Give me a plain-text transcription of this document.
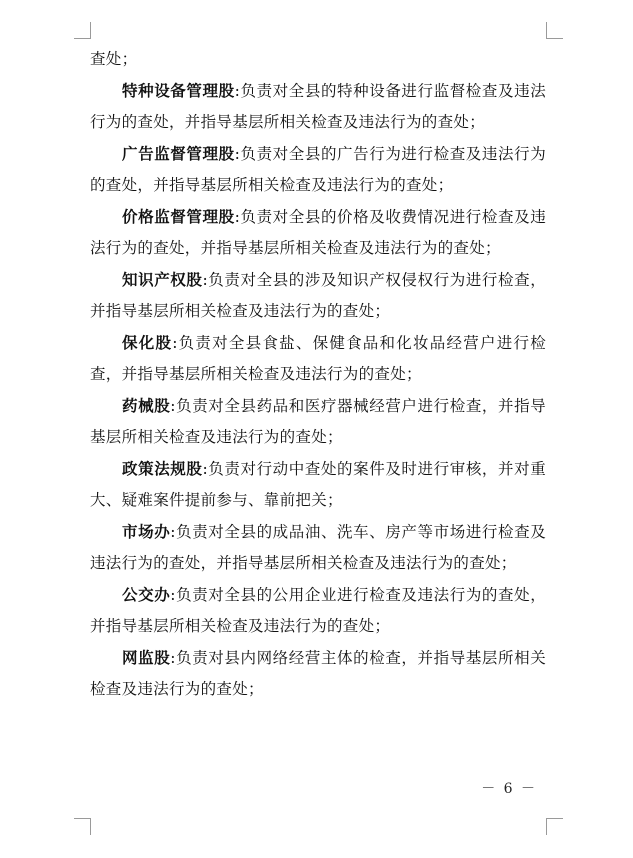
查处；

特种设备管理股:负责对全县的特种设备进行监督检查及违法行为的查处，并指导基层所相关检查及违法行为的查处；

广告监督管理股:负责对全县的广告行为进行检查及违法行为的查处，并指导基层所相关检查及违法行为的查处；

价格监督管理股:负责对全县的价格及收费情况进行检查及违法行为的查处，并指导基层所相关检查及违法行为的查处；

知识产权股:负责对全县的涉及知识产权侵权行为进行检查，并指导基层所相关检查及违法行为的查处；

保化股:负责对全县食盐、保健食品和化妆品经营户进行检查，并指导基层所相关检查及违法行为的查处；

药械股:负责对全县药品和医疗器械经营户进行检查，并指导基层所相关检查及违法行为的查处；

政策法规股:负责对行动中查处的案件及时进行审核，并对重大、疑难案件提前参与、靠前把关；

市场办:负责对全县的成品油、洗车、房产等市场进行检查及违法行为的查处，并指导基层所相关检查及违法行为的查处；

公交办:负责对全县的公用企业进行检查及违法行为的查处，并指导基层所相关检查及违法行为的查处；

网监股:负责对县内网络经营主体的检查，并指导基层所相关检查及违法行为的查处；

－ 6 －
